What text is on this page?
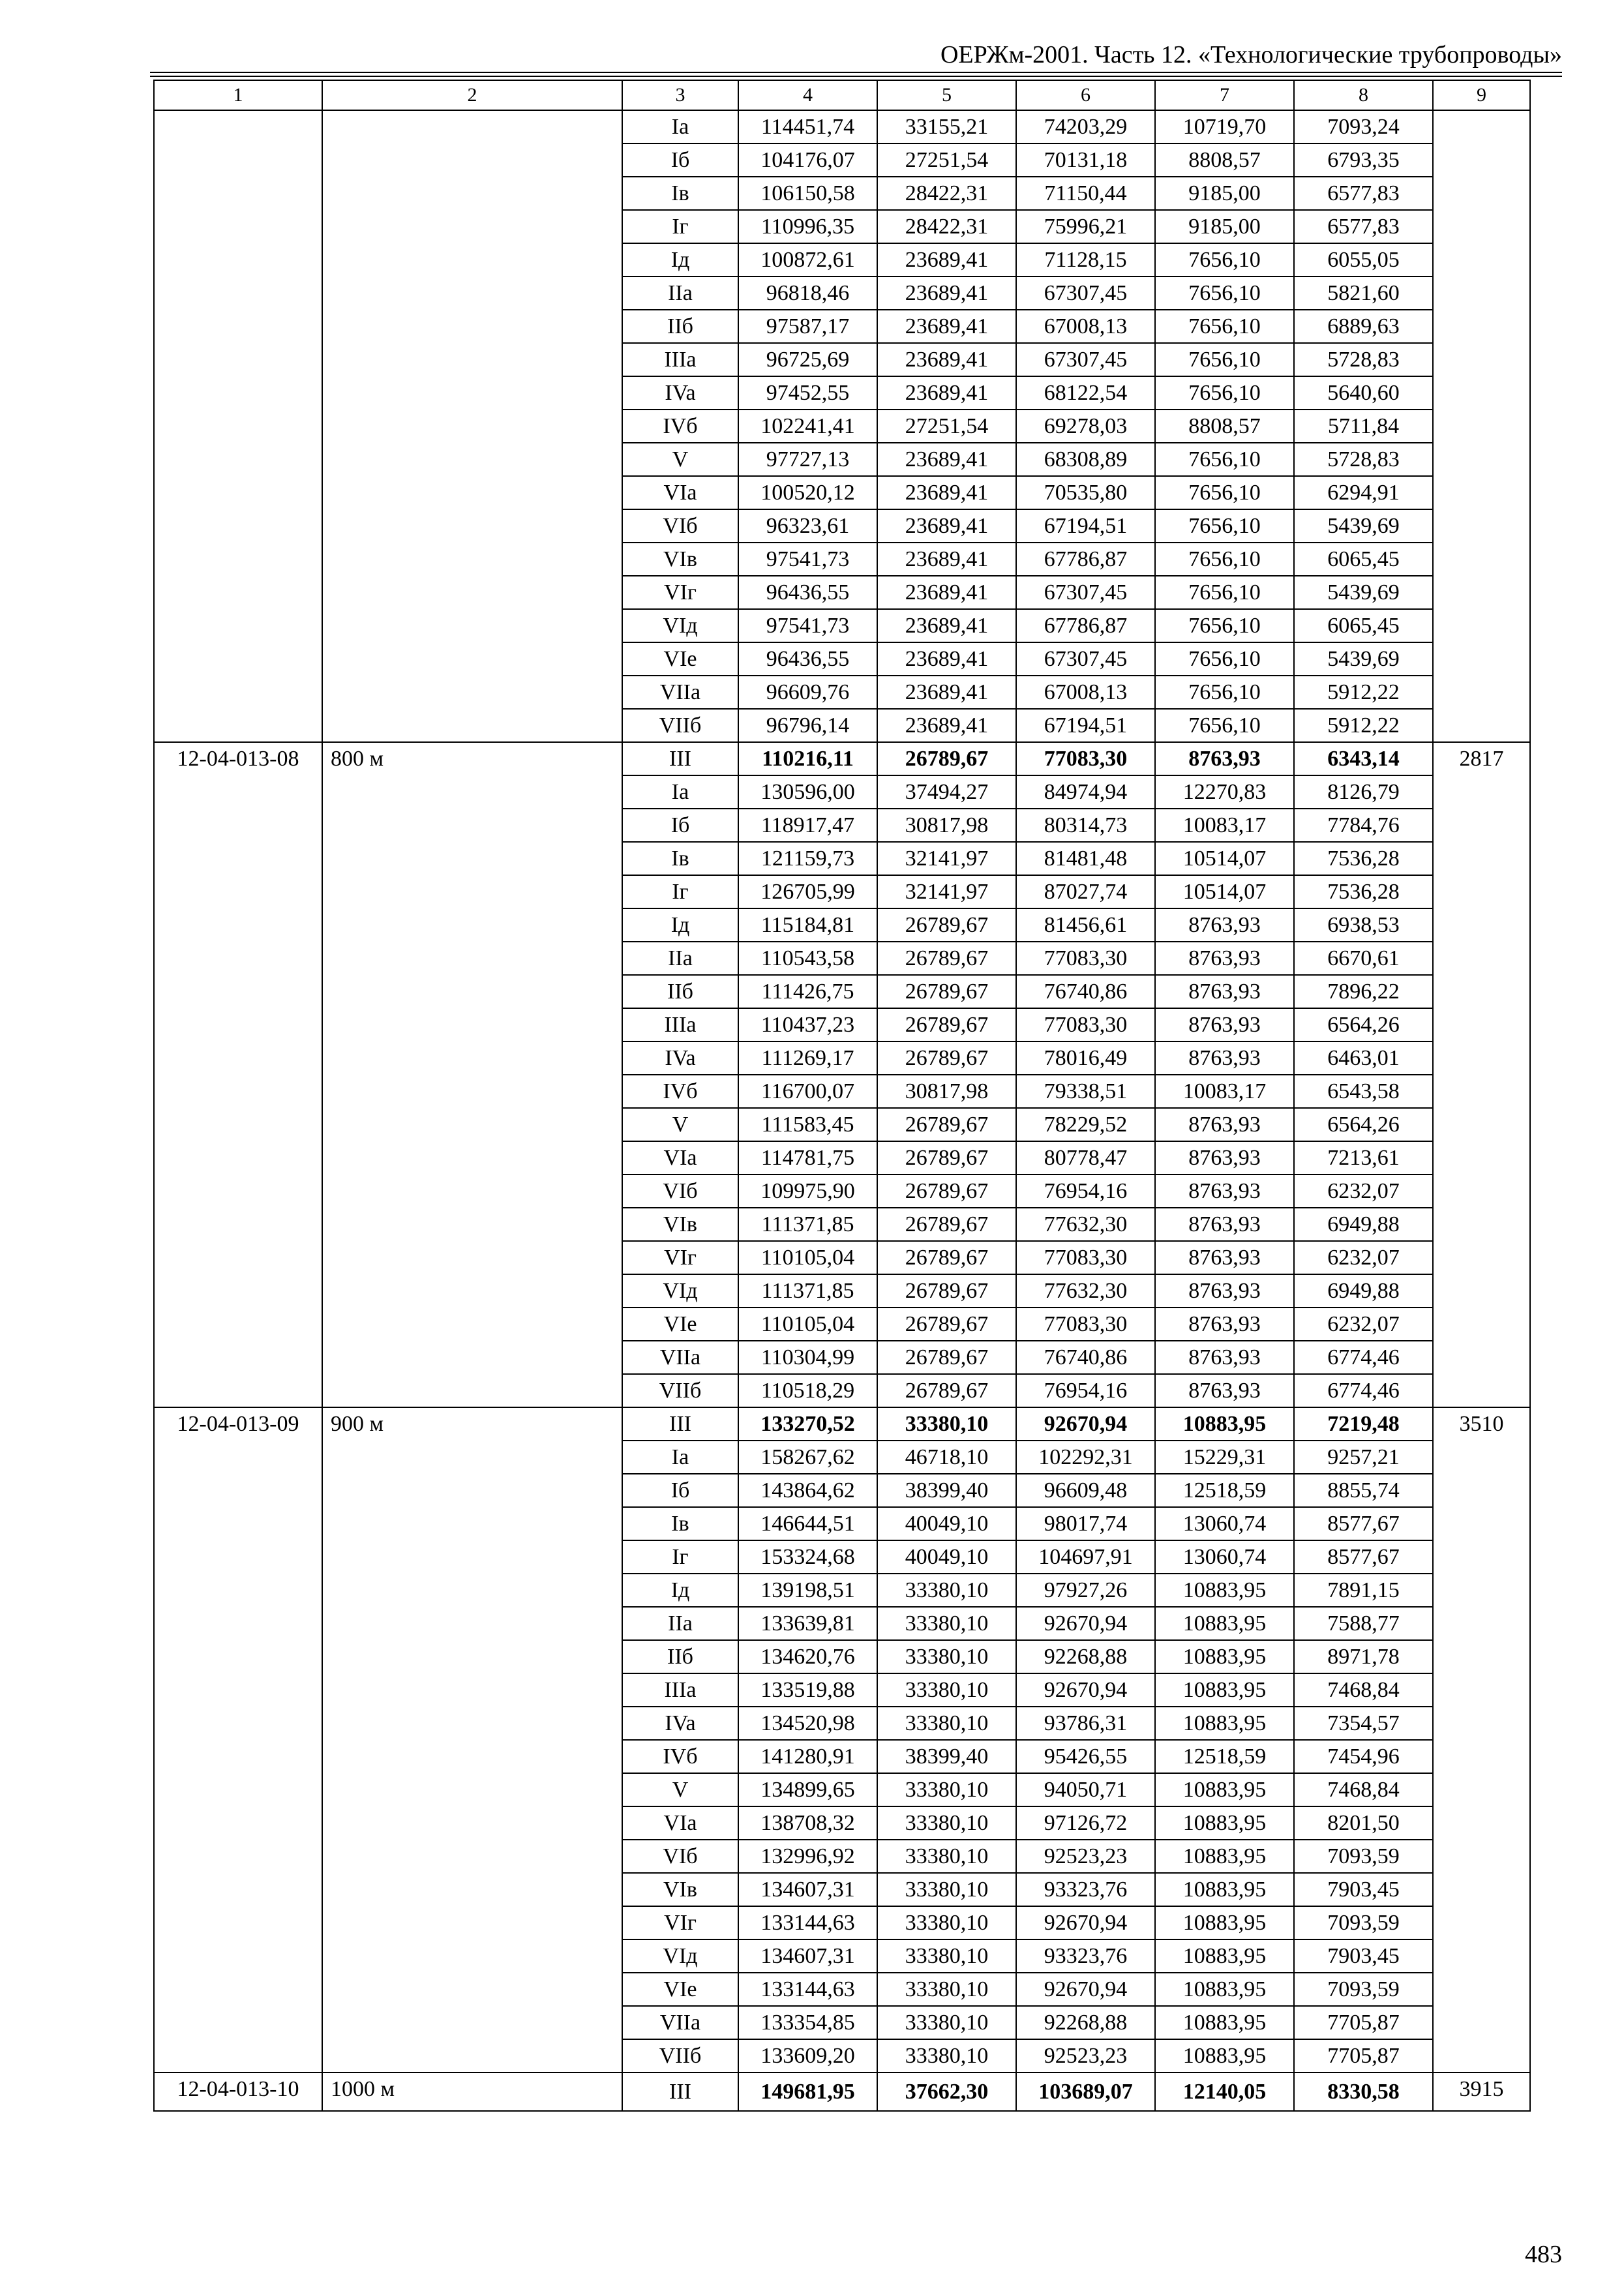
ОЕРЖм-2001. Часть 12. «Технологические трубопроводы»
1	2	3	4	5	6	7	8	9
		Ia	114451,74	33155,21	74203,29	10719,70	7093,24	
		Iб	104176,07	27251,54	70131,18	8808,57	6793,35	
		Iв	106150,58	28422,31	71150,44	9185,00	6577,83	
		Iг	110996,35	28422,31	75996,21	9185,00	6577,83	
		Iд	100872,61	23689,41	71128,15	7656,10	6055,05	
		IIa	96818,46	23689,41	67307,45	7656,10	5821,60	
		IIб	97587,17	23689,41	67008,13	7656,10	6889,63	
		IIIa	96725,69	23689,41	67307,45	7656,10	5728,83	
		IVa	97452,55	23689,41	68122,54	7656,10	5640,60	
		IVб	102241,41	27251,54	69278,03	8808,57	5711,84	
		V	97727,13	23689,41	68308,89	7656,10	5728,83	
		VIa	100520,12	23689,41	70535,80	7656,10	6294,91	
		VIб	96323,61	23689,41	67194,51	7656,10	5439,69	
		VIв	97541,73	23689,41	67786,87	7656,10	6065,45	
		VIг	96436,55	23689,41	67307,45	7656,10	5439,69	
		VIд	97541,73	23689,41	67786,87	7656,10	6065,45	
		VIe	96436,55	23689,41	67307,45	7656,10	5439,69	
		VIIa	96609,76	23689,41	67008,13	7656,10	5912,22	
		VIIб	96796,14	23689,41	67194,51	7656,10	5912,22	
12-04-013-08	800 м	III	110216,11	26789,67	77083,30	8763,93	6343,14	2817
		Ia	130596,00	37494,27	84974,94	12270,83	8126,79	
		Iб	118917,47	30817,98	80314,73	10083,17	7784,76	
		Iв	121159,73	32141,97	81481,48	10514,07	7536,28	
		Iг	126705,99	32141,97	87027,74	10514,07	7536,28	
		Iд	115184,81	26789,67	81456,61	8763,93	6938,53	
		IIa	110543,58	26789,67	77083,30	8763,93	6670,61	
		IIб	111426,75	26789,67	76740,86	8763,93	7896,22	
		IIIa	110437,23	26789,67	77083,30	8763,93	6564,26	
		IVa	111269,17	26789,67	78016,49	8763,93	6463,01	
		IVб	116700,07	30817,98	79338,51	10083,17	6543,58	
		V	111583,45	26789,67	78229,52	8763,93	6564,26	
		VIa	114781,75	26789,67	80778,47	8763,93	7213,61	
		VIб	109975,90	26789,67	76954,16	8763,93	6232,07	
		VIв	111371,85	26789,67	77632,30	8763,93	6949,88	
		VIг	110105,04	26789,67	77083,30	8763,93	6232,07	
		VIд	111371,85	26789,67	77632,30	8763,93	6949,88	
		VIe	110105,04	26789,67	77083,30	8763,93	6232,07	
		VIIa	110304,99	26789,67	76740,86	8763,93	6774,46	
		VIIб	110518,29	26789,67	76954,16	8763,93	6774,46	
12-04-013-09	900 м	III	133270,52	33380,10	92670,94	10883,95	7219,48	3510
		Ia	158267,62	46718,10	102292,31	15229,31	9257,21	
		Iб	143864,62	38399,40	96609,48	12518,59	8855,74	
		Iв	146644,51	40049,10	98017,74	13060,74	8577,67	
		Iг	153324,68	40049,10	104697,91	13060,74	8577,67	
		Iд	139198,51	33380,10	97927,26	10883,95	7891,15	
		IIa	133639,81	33380,10	92670,94	10883,95	7588,77	
		IIб	134620,76	33380,10	92268,88	10883,95	8971,78	
		IIIa	133519,88	33380,10	92670,94	10883,95	7468,84	
		IVa	134520,98	33380,10	93786,31	10883,95	7354,57	
		IVб	141280,91	38399,40	95426,55	12518,59	7454,96	
		V	134899,65	33380,10	94050,71	10883,95	7468,84	
		VIa	138708,32	33380,10	97126,72	10883,95	8201,50	
		VIб	132996,92	33380,10	92523,23	10883,95	7093,59	
		VIв	134607,31	33380,10	93323,76	10883,95	7903,45	
		VIг	133144,63	33380,10	92670,94	10883,95	7093,59	
		VIд	134607,31	33380,10	93323,76	10883,95	7903,45	
		VIe	133144,63	33380,10	92670,94	10883,95	7093,59	
		VIIa	133354,85	33380,10	92268,88	10883,95	7705,87	
		VIIб	133609,20	33380,10	92523,23	10883,95	7705,87	
12-04-013-10	1000 м	III	149681,95	37662,30	103689,07	12140,05	8330,58	3915
483
